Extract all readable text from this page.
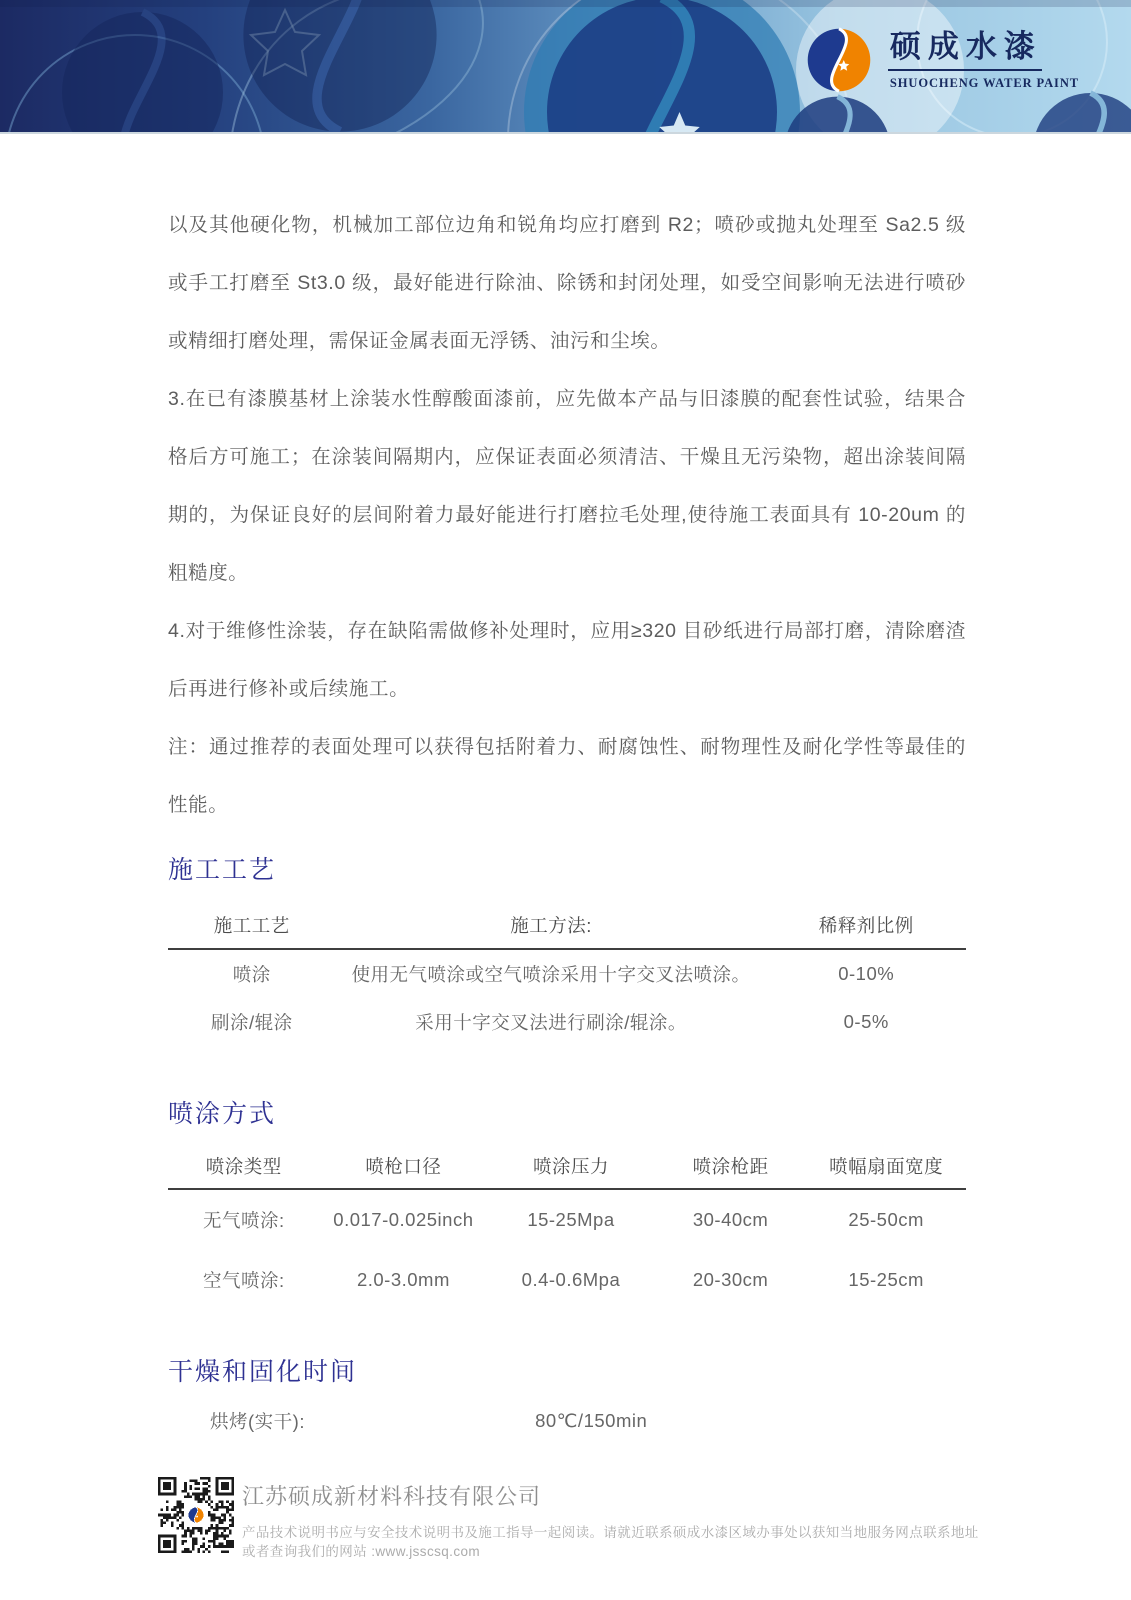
硕成水漆
SHUOCHENG WATER PAINT

以及其他硬化物，机械加工部位边角和锐角均应打磨到 R2；喷砂或抛丸处理至 Sa2.5 级或手工打磨至 St3.0 级，最好能进行除油、除锈和封闭处理，如受空间影响无法进行喷砂或精细打磨处理，需保证金属表面无浮锈、油污和尘埃。

3.在已有漆膜基材上涂装水性醇酸面漆前，应先做本产品与旧漆膜的配套性试验，结果合格后方可施工；在涂装间隔期内，应保证表面必须清洁、干燥且无污染物，超出涂装间隔期的，为保证良好的层间附着力最好能进行打磨拉毛处理,使待施工表面具有 10-20um 的粗糙度。

4.对于维修性涂装，存在缺陷需做修补处理时，应用≥320 目砂纸进行局部打磨，清除磨渣后再进行修补或后续施工。

注：通过推荐的表面处理可以获得包括附着力、耐腐蚀性、耐物理性及耐化学性等最佳的性能。

施工工艺
施工工艺	施工方法:	稀释剂比例
喷涂	使用无气喷涂或空气喷涂采用十字交叉法喷涂。	0-10%
刷涂/辊涂	采用十字交叉法进行刷涂/辊涂。	0-5%
喷涂方式
喷涂类型	喷枪口径	喷涂压力	喷涂枪距	喷幅扇面宽度
无气喷涂:	0.017-0.025inch	15-25Mpa	30-40cm	25-50cm
空气喷涂:	2.0-3.0mm	0.4-0.6Mpa	20-30cm	15-25cm
干燥和固化时间
烘烤(实干):	80℃/150min

江苏硕成新材料科技有限公司

产品技术说明书应与安全技术说明书及施工指导一起阅读。请就近联系硕成水漆区域办事处以获知当地服务网点联系地址

或者查询我们的网站 :www.jsscsq.com
